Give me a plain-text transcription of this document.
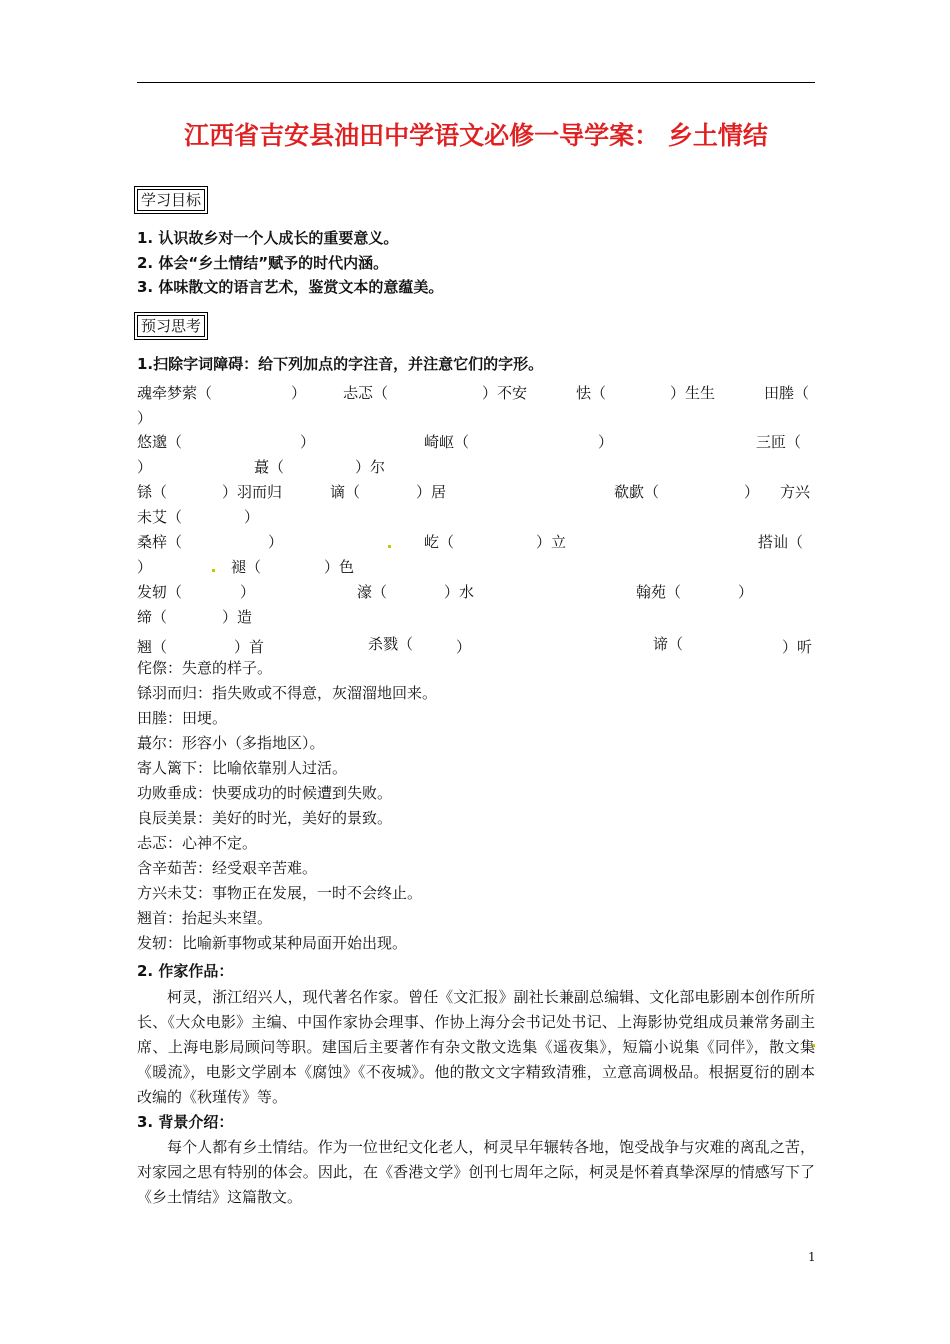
江西省吉安县油田中学语文必修一导学案： 乡土情结
学习目标
1. 认识故乡对一个人成长的重要意义。
2. 体会“乡土情结”赋予的时代内涵。
3. 体味散文的语言艺术，鉴赏文本的意蕴美。
预习思考
1.扫除字词障碍：给下列加点的字注音，并注意它们的字形。
魂牵梦萦（	） 忐忑（	）不安	怯（	）生生	田塍（
）
悠邈（	）	崎岖（	）	三匝（
）	蕞（	）尔
铩（	）羽而归	谪（	）居	欷歔（	） 方兴
未艾（	）
桑梓（	）	屹（	）立	搭讪（
）	褪（	）色
发轫（	）	濠（	）水	翰苑（	）
缔（	）造
翘（	）首	杀戮（	）	谛（	）听
侘傺：失意的样子。
铩羽而归：指失败或不得意，灰溜溜地回来。
田塍：田埂。
蕞尔：形容小（多指地区）。
寄人篱下：比喻依靠别人过活。
功败垂成：快要成功的时候遭到失败。
良辰美景：美好的时光，美好的景致。
忐忑：心神不定。
含辛茹苦：经受艰辛苦难。
方兴未艾：事物正在发展，一时不会终止。
翘首：抬起头来望。
发轫：比喻新事物或某种局面开始出现。
2. 作家作品：
柯灵，浙江绍兴人，现代著名作家。曾任《文汇报》副社长兼副总编辑、文化部电影剧本创作所所长、《大众电影》主编、中国作家协会理事、作协上海分会书记处书记、上海影协党组成员兼常务副主席、上海电影局顾问等职。建国后主要著作有杂文散文选集《遥夜集》，短篇小说集《同伴》，散文集《暖流》，电影文学剧本《腐蚀》《不夜城》。他的散文文字精致清雅，立意高调极品。根据夏衍的剧本改编的《秋瑾传》等。
3. 背景介绍：
每个人都有乡土情结。作为一位世纪文化老人，柯灵早年辗转各地，饱受战争与灾难的离乱之苦，对家园之思有特别的体会。因此，在《香港文学》创刊七周年之际，柯灵是怀着真挚深厚的情感写下了《乡土情结》这篇散文。
1
